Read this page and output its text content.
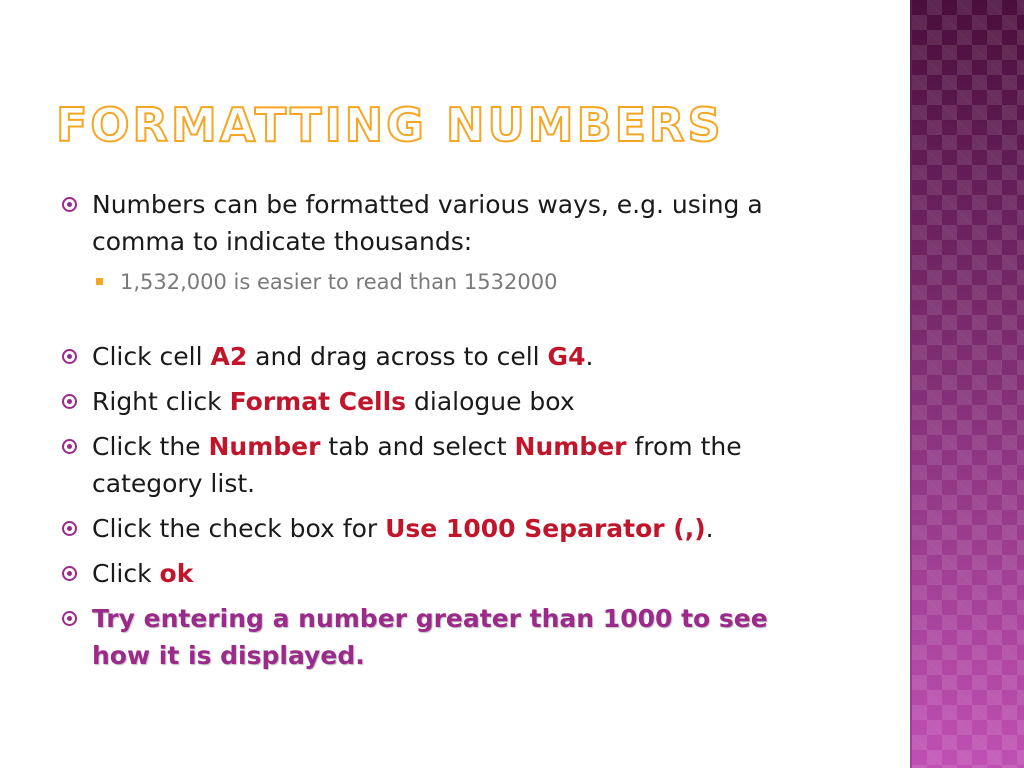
FORMATTING NUMBERS
Numbers can be formatted various ways, e.g. using a comma to indicate thousands:
1,532,000 is easier to read than 1532000
Click cell A2 and drag across to cell G4.
Right click Format Cells dialogue box
Click the Number tab and select Number from the category list.
Click the check box for Use 1000 Separator (,).
Click ok
Try entering a number greater than 1000 to see how it is displayed.
